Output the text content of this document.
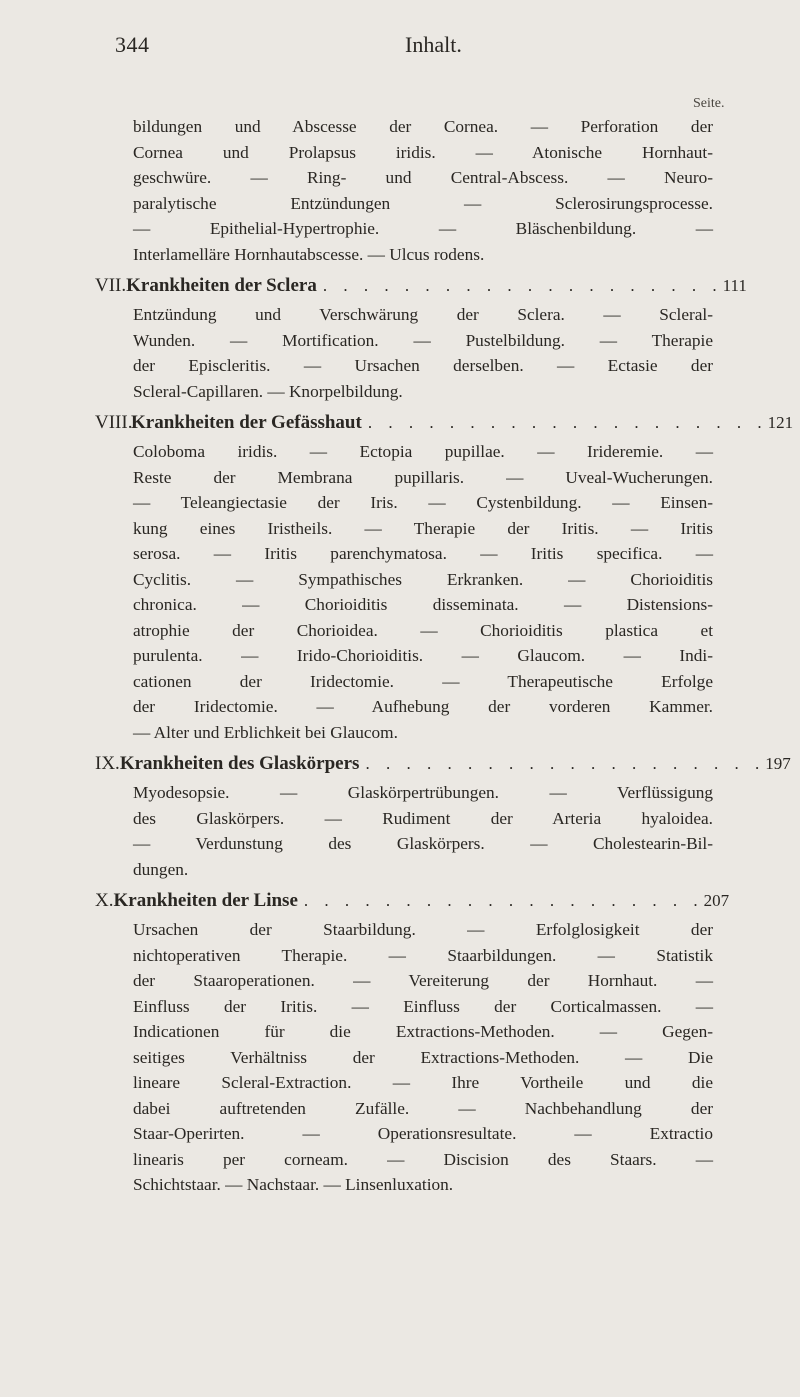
344	Inhalt.
Seite.
bildungen und Abscesse der Cornea. — Perforation der
Cornea und Prolapsus iridis. — Atonische Hornhaut-
geschwüre. — Ring- und Central-Abscess. — Neuro-
paralytische Entzündungen — Sclerosirungsprocesse.
— Epithelial-Hypertrophie. — Bläschenbildung. —
Interlamelläre Hornhautabscesse. — Ulcus rodens.
VII. Krankheiten der Sclera . . . . . . . . . . . . . . . . . . . . 111
Entzündung und Verschwärung der Sclera. — Scleral-
Wunden. — Mortification. — Pustelbildung. — Therapie
der Episcleritis. — Ursachen derselben. — Ectasie der
Scleral-Capillaren. — Knorpelbildung.
VIII.
Krankheiten der Gefässhaut . . . . . . . . . . . . . . . . . . . . 121
Coloboma iridis. — Ectopia pupillae. — Irideremie. —
Reste der Membrana pupillaris. — Uveal-Wucherungen.
— Teleangiectasie der Iris. — Cystenbildung. — Einsen-
kung eines Iristheils. — Therapie der Iritis. — Iritis
serosa. — Iritis parenchymatosa. — Iritis specifica. —
Cyclitis. — Sympathisches Erkranken. — Chorioiditis
chronica. — Chorioiditis disseminata. — Distensions-
atrophie der Chorioidea. — Chorioiditis plastica et
purulenta. — Irido-Chorioiditis. — Glaucom. — Indi-
cationen der Iridectomie. — Therapeutische Erfolge
der Iridectomie. — Aufhebung der vorderen Kammer.
— Alter und Erblichkeit bei Glaucom.
IX. Krankheiten des Glaskörpers . . . . . . . . . . . . . . . . . . . . 197
Myodesopsie. — Glaskörpertrübungen. — Verflüssigung
des Glaskörpers. — Rudiment der Arteria hyaloidea.
— Verdunstung des Glaskörpers. — Cholestearin-Bil-
dungen.
X. Krankheiten der Linse . . . . . . . . . . . . . . . . . . . . 207
Ursachen der Staarbildung. — Erfolglosigkeit der
nichtoperativen Therapie. — Staarbildungen. — Statistik
der Staaroperationen. — Vereiterung der Hornhaut. —
Einfluss der Iritis. — Einfluss der Corticalmassen. —
Indicationen für die Extractions-Methoden. — Gegen-
seitiges Verhältniss der Extractions-Methoden. — Die
lineare Scleral-Extraction. — Ihre Vortheile und die
dabei auftretenden Zufälle. — Nachbehandlung der
Staar-Operirten. — Operationsresultate. — Extractio
linearis per corneam. — Discision des Staars. —
Schichtstaar. — Nachstaar. — Linsenluxation.
